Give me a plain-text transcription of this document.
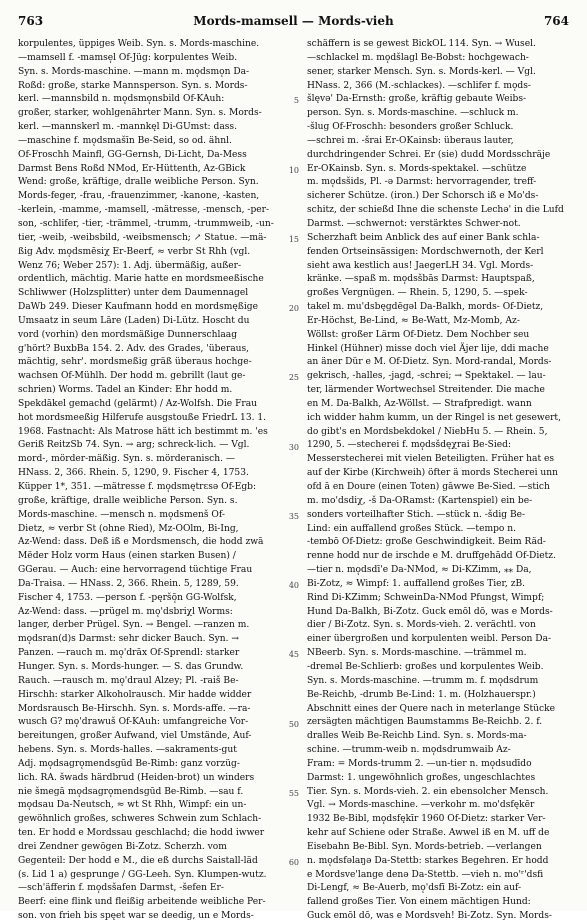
763	Mords-mamsell — Mords-vieh	764
korpulentes, üppiges Weib. Syn. s. Mords-maschine.
—mamsell f. -mamse̜l Of-Jüg: korpulentes Weib.
Syn. s. Mords-maschine. —mann m. mo̜dsmo̜n Da-
Roßd: große, starke Mannsperson. Syn. s. Mords-
kerl. —mannsbild n. mo̜dsmo̜nsbild Of-KAuh:
großer, starker, wohlgenährter Mann. Syn. s. Mords-
kerl. —mannskerl m. -mannkęl Di-GUmst: dass.
—maschine f. mo̜dsmašīn Be-Seid, so od. ähnl.
Of-Froschh Mainfl, GG-Gernsh, Di-Licht, Da-Mess
Darmst Bens Roßd NMod, Er-Hüttenth, Az-GBick
Wend: große, kräftige, dralle weibliche Person. Syn.
Mords-feger, -frau, -frauenzimmer, -kanone, -kasten,
-kerlein, -mamme, -mamsell, -mätresse, -mensch, -per-
son, -schlifer, -tier, -trämmel, -trumm, -trummweib, -un-
tier, -weib, -weibsbild, -weibsmensch; ↗ Statue. —mä-
ßig Adv. mo̜dsmēsiχ Er-Beerf, ≈ verbr St Rhh (vgl.
Wenz 76; Weber 257): 1. Adj. übermäßig, außer-
ordentlich, mächtig. Marie hatte en mordsmeeßische
Schliwwer (Holzsplitter) unter dem Daumennagel
DaWb 249. Dieser Kaufmann hodd en mordsmęßige
Umsaatz in seum Lāre (Laden) Di-Lütz. Hoscht du
vord (vorhin) den mordsmäßige Dunnerschlaag
g'hört? BuxbBa 154. 2. Adv. des Grades, 'überaus,
mächtig, sehr'. mordsmeßig gräß überaus hochge-
wachsen Of-Mühlh. Der hodd m. gebrillt (laut ge-
schrien) Worms. Tadel an Kinder: Ehr hodd m.
Spekdākel gemachd (gelärmt) / Az-Wolfsh. Die Frau
hot mordsmeeßig Hilferufe ausgstouße FriedrL 13. 1.
1968. Fastnacht: Als Matrose hätt ich bestimmt m. 'es
Geriß ReitzSb 74. Syn. → arg; schreck-lich. — Vgl.
mord-, mörder-mäßig. Syn. s. mörderanisch. —
HNass. 2, 366. Rhein. 5, 1290, 9. Fischer 4, 1753.
Küpper 1*, 351. —mätresse f. mo̜dsmętrɛsə Of-Egb:
große, kräftige, dralle weibliche Person. Syn. s.
Mords-maschine. —mensch n. mo̜dsmenš Of-
Dietz, ≈ verbr St (ohne Ried), Mz-OOlm, Bi-Ing,
Az-Wend: dass. Deß iß e Mordsmensch, die hodd zwā
Mëder Holz vorm Haus (einen starken Busen) /
GGerau. — Auch: eine hervorragend tüchtige Frau
Da-Traisa. — HNass. 2, 366. Rhein. 5, 1289, 59.
Fischer 4, 1753. —person f. -pęršō̜n GG-Wolfsk,
Az-Wend: dass. —prügel m. mo̜'dsbriχl Worms:
langer, derber Prügel. Syn. → Bengel. —ranzen m.
mo̜dsran(d)s Darmst: sehr dicker Bauch. Syn. →
Panzen. —rauch m. mo̜'drāx Of-Sprendl: starker
Hunger. Syn. s. Mords-hunger. — S. das Grundw.
Rauch. —rausch m. mo̜'draul Alzey; Pl. -raiš Be-
Hirschh: starker Alkoholrausch. Mir hadde widder
Mordsrausch Be-Hirschh. Syn. s. Mords-affe. —ra-
wusch G? mo̜'drawuš Of-KAuh: umfangreiche Vor-
bereitungen, großer Aufwand, viel Umstände, Auf-
hebens. Syn. s. Mords-halles. —sakraments-gut
Adj. mo̜dsagro̜mendsgūd Be-Rimb: ganz vorzüg-
lich. RA. šwads härdbrud (Heiden-brot) un winders
nie šmegā mo̜dsagro̜mendsgūd Be-Rimb. —sau f.
mo̜dsau Da-Neutsch, ≈ wt St Rhh, Wimpf: ein un-
gewöhnlich großes, schweres Schwein zum Schlach-
ten. Er hodd e Mordssau geschlachd; die hodd iwwer
drei Zendner gewōgen Bi-Zotz. Scherzh. vom
Gegenteil: Der hodd e M., die eß durchs Saistall-läd
(s. Lid 1 a) gesprunge / GG-Leeh. Syn. Klumpen-wutz.
—sch'äfferin f. mo̜dsšafen Darmst, -šefen Er-
Beerf: eine flink und fleißig arbeitende weibliche Per-
son. von frieh bis spęet war se deedig, un e Mords-
5
10
15
20
25
30
35
40
45
50
55
60
schäffern is se gewest BickOL 114. Syn. → Wusel.
—schlackel m. mo̜dšlagl Be-Bobst: hochgewach-
sener, starker Mensch. Syn. s. Mords-kerl. — Vgl.
HNass. 2, 366 (M.-schlackes). —schlifer f. mo̜ds-
šlęvə' Da-Ernsth: große, kräftig gebaute Weibs-
person. Syn. s. Mords-maschine. —schluck m.
-šlug Of-Froschh: besonders großer Schluck.
—schrei m. -šrai Er-OKainsb: überaus lauter,
durchdringender Schrei. Er (sie) dudd Mordsschräje
Er-OKainsb. Syn. s. Mords-spektakel. —schütze
m. mo̜dsšids, Pl. -ə Darmst: hervorragender, treff-
sicherer Schütze. (iron.) Der Schorsch iß e Mo'ds-
schitz, der schießd Ihne die schenste Lechə' in die Lufd
Darmst. —schwernot: verstärktes Schwer-not.
Scherzhaft beim Anblick des auf einer Bank schla-
fenden Ortseinsässigen: Mordschwernoth, der Kerl
sieht awa kestlich aus! JaegerLH 34. Vgl. Mords-
kränke. —spaß m. mo̜dsšbās Darmst: Hauptspaß,
großes Vergnügen. — Rhein. 5, 1290, 5. —spek-
takel m. mu'dsbęgdēgəl Da-Balkh, mords- Of-Dietz,
Er-Höchst, Be-Lind, ≈ Be-Watt, Mz-Momb, Az-
Wöllst: großer Lärm Of-Dietz. Dem Nochber seu
Hinkel (Hühner) misse doch viel Äjer lije, ddi mache
an äner Dür e M. Of-Dietz. Syn. Mord-randal, Mords-
gekrisch, -halles, -jagd, -schrei; → Spektakel. — lau-
ter, lärmender Wortwechsel Streitender. Die mache
en M. Da-Balkh, Az-Wöllst. — Strafpredigt. wann
ich widder hahm kumm, un der Ringel is net gesewert,
do gibt's en Mordsbekdokel / NiebHu 5. — Rhein. 5,
1290, 5. —stecherei f. mo̜dsšdęχrai Be-Sied:
Messerstecherei mit vielen Beteiligten. Früher hat es
auf der Kirbe (Kirchweih) öfter ä mords Stecherei unn
ofd ā en Doure (einen Toten) gāwwe Be-Sied. —stich
m. mo'dsdiχ, -š Da-ORamst: (Kartenspiel) ein be-
sonders vorteilhafter Stich. —stück n. -šdig Be-
Lind: ein auffallend großes Stück. —tempo n.
-tembō Of-Dietz: große Geschwindigkeit. Beim Räd-
renne hodd nur de irschde e M. druffgehādd Of-Dietz.
—tier n. mo̜dsdī'e Da-NMod, ≈ Di-KZimm, ⁎⁎ Da,
Bi-Zotz, ≈ Wimpf: 1. auffallend großes Tier, zB.
Rind Di-KZimm; SchweinDa-NMod Pfungst, Wimpf;
Hund Da-Balkh, Bi-Zotz. Guck emōl dō, was e Mords-
dier / Bi-Zotz. Syn. s. Mords-vieh. 2. verächtl. von
einer übergroßen und korpulenten weibl. Person Da-
NBeerb. Syn. s. Mords-maschine. —trämmel m.
-dremǝl Be-Schlierb: großes und korpulentes Weib.
Syn. s. Mords-maschine. —trumm m. f. mo̜dsdrum
Be-Reichb, -drumb Be-Lind: 1. m. (Holzhauerspr.)
Abschnitt eines der Quere nach in meterlange Stücke
zersägten mächtigen Baumstamms Be-Reichb. 2. f.
dralles Weib Be-Reichb Lind. Syn. s. Mords-ma-
schine. —trumm-weib n. mo̜dsdrumwaib Az-
Fram: = Mords-trumm 2. —un-tier n. mo̜dsudīdo
Darmst: 1. ungewöhnlich großes, ungeschlachtes
Tier. Syn. s. Mords-vieh. 2. ein ebensolcher Mensch.
Vgl. → Mords-maschine. —verkohr m. mo'dsfękēr
1932 Be-Bibl, mo̜dsfękīr 1960 Of-Dietz: starker Ver-
kehr auf Schiene oder Straße. Awwel iß en M. uff de
Eisebahn Be-Bibl. Syn. Mords-betrieb. —verlangen
n. mo̜dsfǝlaŋǝ Da-Stettb: starkes Begehren. Er hodd
e Mordsve'lange denǝ Da-Stettb. —vieh n. mo'ʳ'dsfi
Di-Lengf, ≈ Be-Auerb, mo̜'dsfī Bi-Zotz: ein auf-
fallend großes Tier. Von einem mächtigen Hund:
Guck emōl dō, was e Mordsveh! Bi-Zotz. Syn. Mords-
